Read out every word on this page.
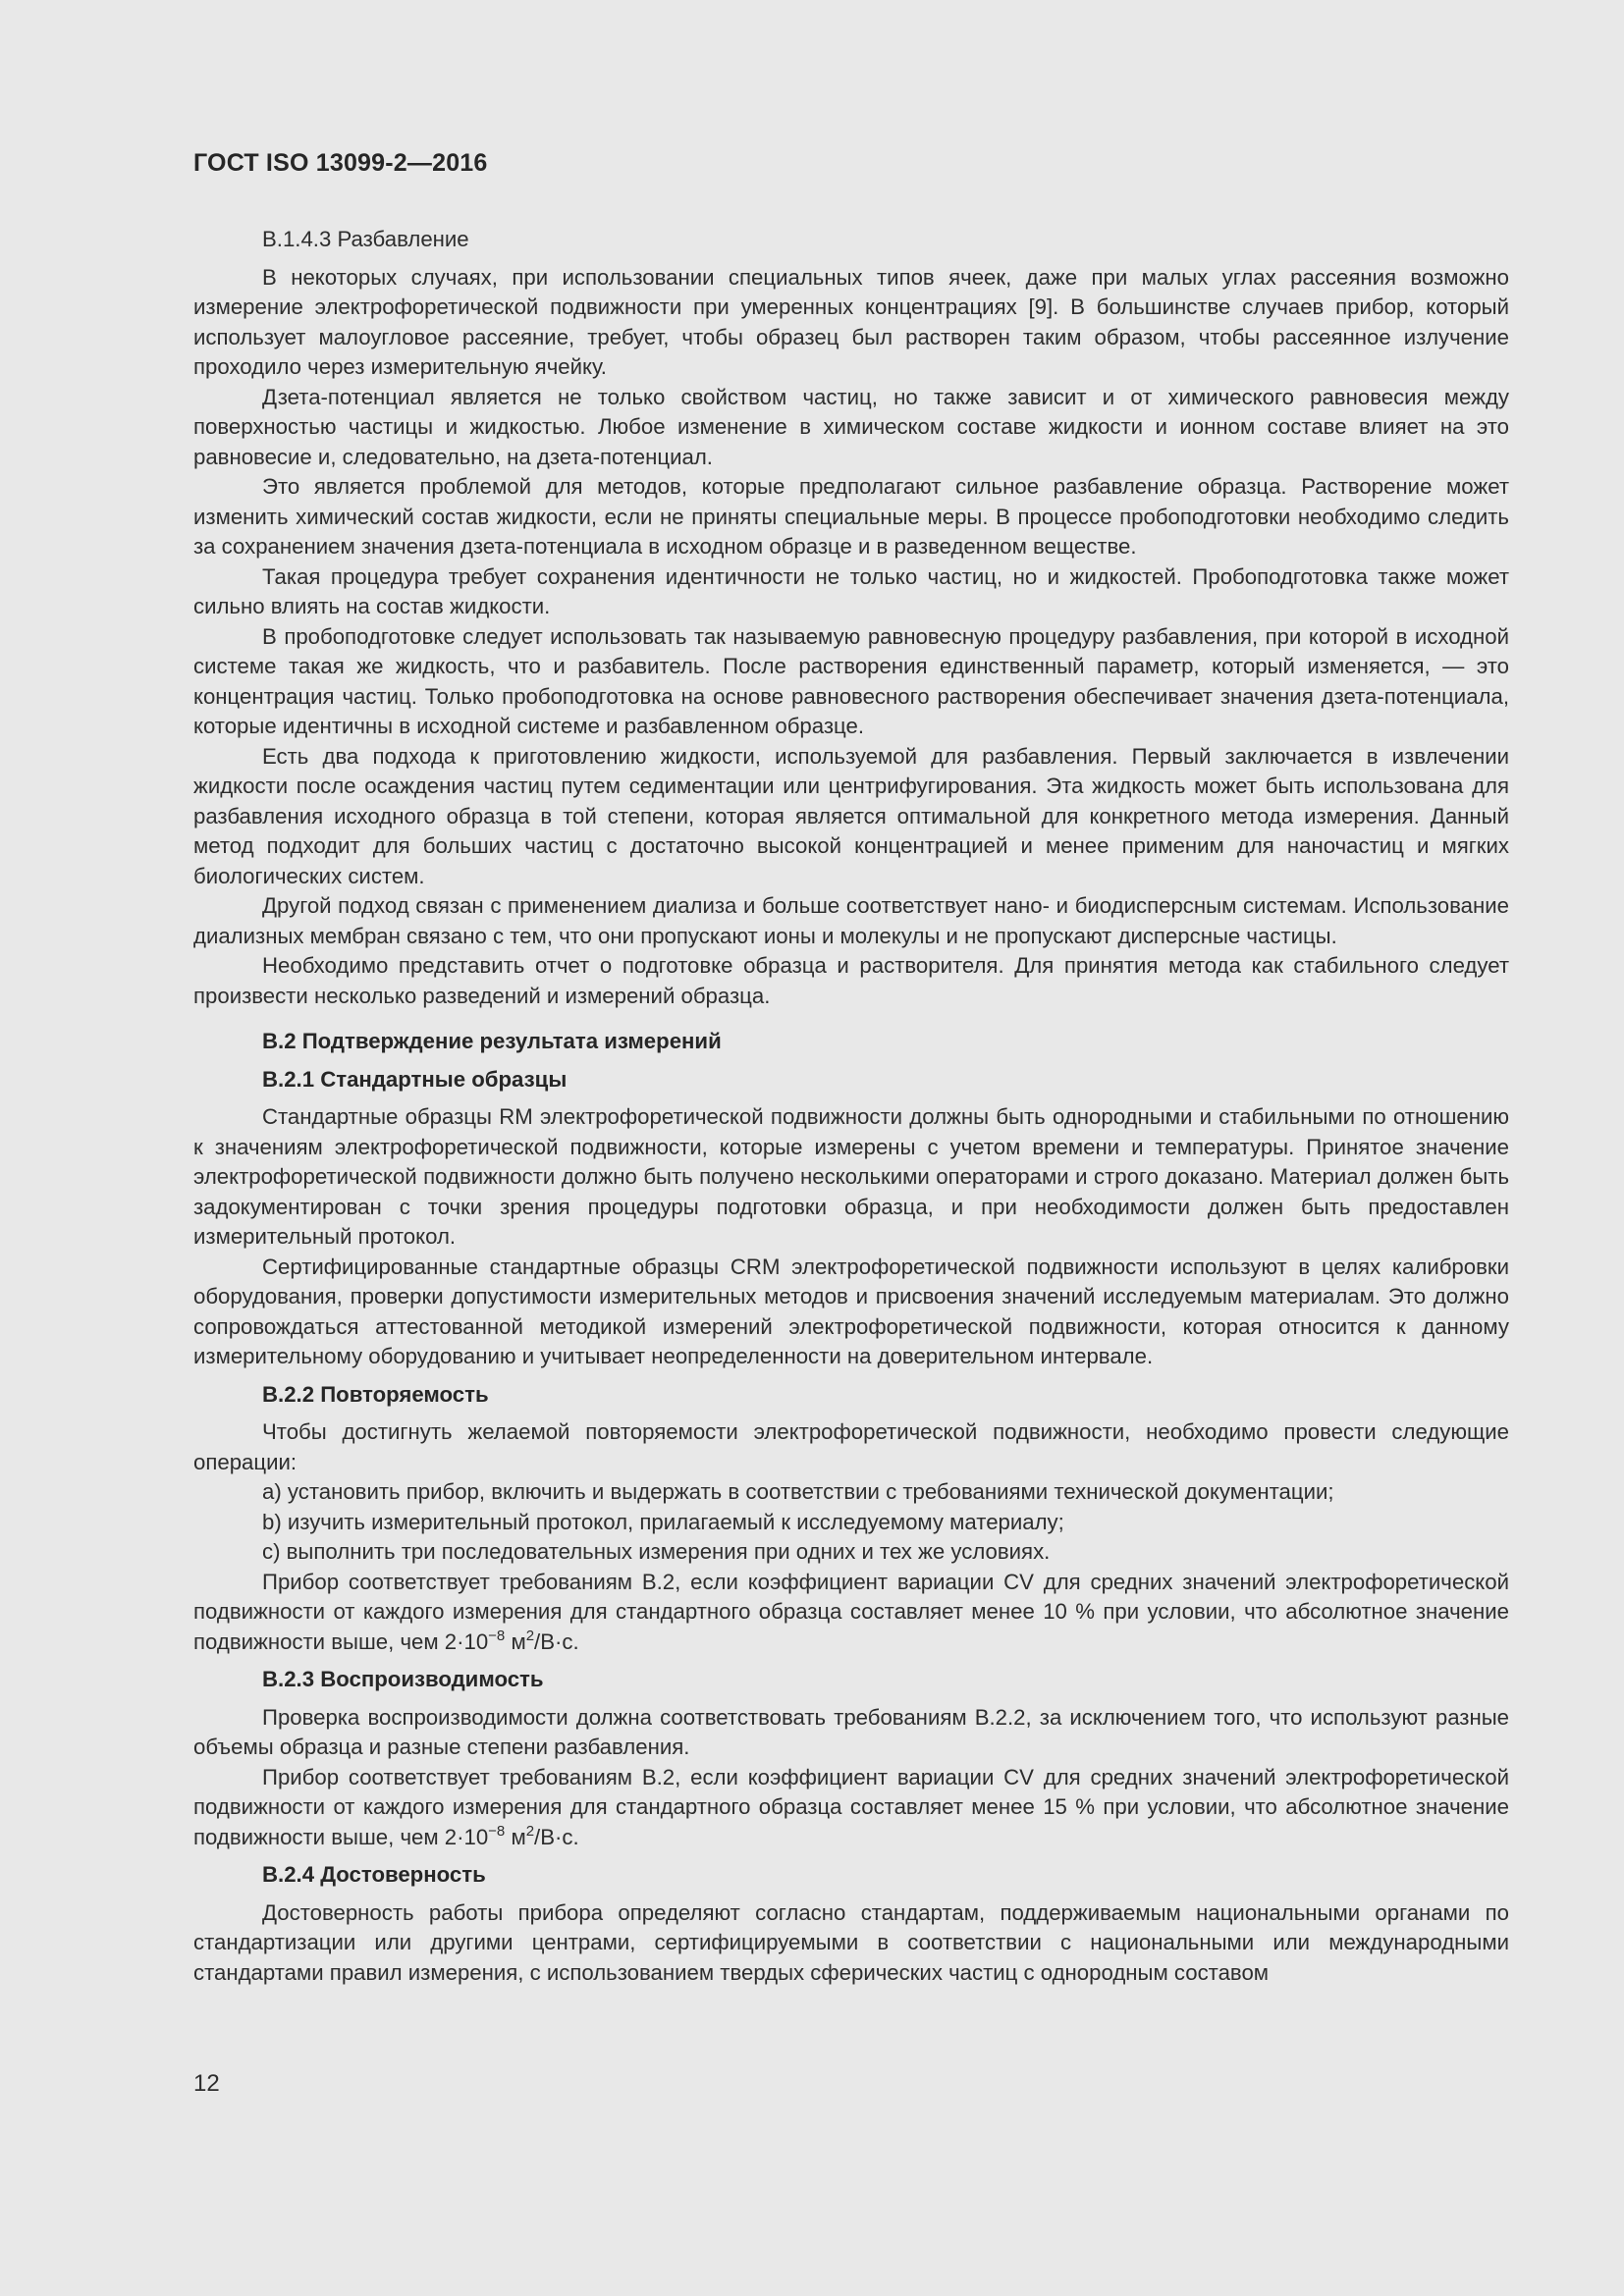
ГОСТ ISO 13099-2—2016

В.1.4.3 Разбавление

В некоторых случаях, при использовании специальных типов ячеек, даже при малых углах рассеяния возможно измерение электрофоретической подвижности при умеренных концентрациях [9]. В большинстве случаев прибор, который использует малоугловое рассеяние, требует, чтобы образец был растворен таким образом, чтобы рассеянное излучение проходило через измерительную ячейку.

Дзета-потенциал является не только свойством частиц, но также зависит и от химического равновесия между поверхностью частицы и жидкостью. Любое изменение в химическом составе жидкости и ионном составе влияет на это равновесие и, следовательно, на дзета-потенциал.

Это является проблемой для методов, которые предполагают сильное разбавление образца. Растворение может изменить химический состав жидкости, если не приняты специальные меры. В процессе пробоподготовки необходимо следить за сохранением значения дзета-потенциала в исходном образце и в разведенном веществе.

Такая процедура требует сохранения идентичности не только частиц, но и жидкостей. Пробоподготовка также может сильно влиять на состав жидкости.

В пробоподготовке следует использовать так называемую равновесную процедуру разбавления, при которой в исходной системе такая же жидкость, что и разбавитель. После растворения единственный параметр, который изменяется, — это концентрация частиц. Только пробоподготовка на основе равновесного растворения обеспечивает значения дзета-потенциала, которые идентичны в исходной системе и разбавленном образце.

Есть два подхода к приготовлению жидкости, используемой для разбавления. Первый заключается в извлечении жидкости после осаждения частиц путем седиментации или центрифугирования. Эта жидкость может быть использована для разбавления исходного образца в той степени, которая является оптимальной для конкретного метода измерения. Данный метод подходит для больших частиц с достаточно высокой концентрацией и менее применим для наночастиц и мягких биологических систем.

Другой подход связан с применением диализа и больше соответствует нано- и биодисперсным системам. Использование диализных мембран связано с тем, что они пропускают ионы и молекулы и не пропускают дисперсные частицы.

Необходимо представить отчет о подготовке образца и растворителя. Для принятия метода как стабильного следует произвести несколько разведений и измерений образца.

В.2 Подтверждение результата измерений

В.2.1 Стандартные образцы

Стандартные образцы RM электрофоретической подвижности должны быть однородными и стабильными по отношению к значениям электрофоретической подвижности, которые измерены с учетом времени и температуры. Принятое значение электрофоретической подвижности должно быть получено несколькими операторами и строго доказано. Материал должен быть задокументирован с точки зрения процедуры подготовки образца, и при необходимости должен быть предоставлен измерительный протокол.

Сертифицированные стандартные образцы CRM электрофоретической подвижности используют в целях калибровки оборудования, проверки допустимости измерительных методов и присвоения значений исследуемым материалам. Это должно сопровождаться аттестованной методикой измерений электрофоретической подвижности, которая относится к данному измерительному оборудованию и учитывает неопределенности на доверительном интервале.

В.2.2 Повторяемость

Чтобы достигнуть желаемой повторяемости электрофоретической подвижности, необходимо провести следующие операции:

a) установить прибор, включить и выдержать в соответствии с требованиями технической документации;

b) изучить измерительный протокол, прилагаемый к исследуемому материалу;

c) выполнить три последовательных измерения при одних и тех же условиях.

Прибор соответствует требованиям В.2, если коэффициент вариации CV для средних значений электрофоретической подвижности от каждого измерения для стандартного образца составляет менее 10 % при условии, что абсолютное значение подвижности выше, чем $2\cdot 10^{-8}$ $м^2/В\cdot с$.

В.2.3 Воспроизводимость

Проверка воспроизводимости должна соответствовать требованиям В.2.2, за исключением того, что используют разные объемы образца и разные степени разбавления.

Прибор соответствует требованиям В.2, если коэффициент вариации CV для средних значений электрофоретической подвижности от каждого измерения для стандартного образца составляет менее 15 % при условии, что абсолютное значение подвижности выше, чем $2\cdot 10^{-8}$ $м^2/В\cdot с$.

В.2.4 Достоверность

Достоверность работы прибора определяют согласно стандартам, поддерживаемым национальными органами по стандартизации или другими центрами, сертифицируемыми в соответствии с национальными или международными стандартами правил измерения, с использованием твердых сферических частиц с однородным составом

12
